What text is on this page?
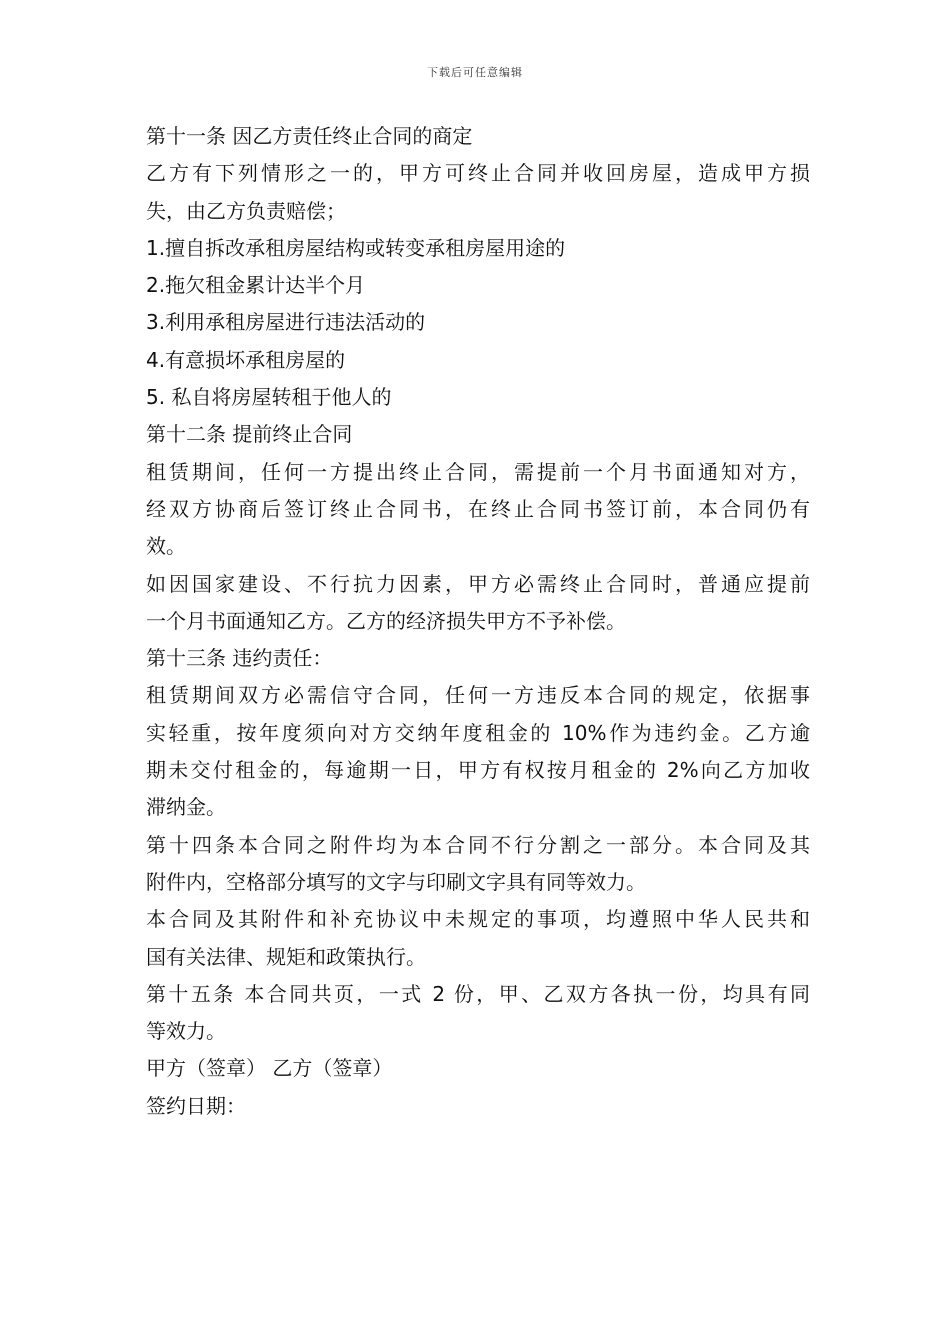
下载后可任意编辑
第十一条 因乙方责任终止合同的商定
乙方有下列情形之一的，甲方可终止合同并收回房屋，造成甲方损
失，由乙方负责赔偿；
1.擅自拆改承租房屋结构或转变承租房屋用途的
2.拖欠租金累计达半个月
3.利用承租房屋进行违法活动的
4.有意损坏承租房屋的
5. 私自将房屋转租于他人的
第十二条 提前终止合同
租赁期间，任何一方提出终止合同，需提前一个月书面通知对方，
经双方协商后签订终止合同书，在终止合同书签订前，本合同仍有
效。
如因国家建设、不行抗力因素，甲方必需终止合同时，普通应提前
一个月书面通知乙方。乙方的经济损失甲方不予补偿。
第十三条 违约责任：
租赁期间双方必需信守合同，任何一方违反本合同的规定，依据事
实轻重，按年度须向对方交纳年度租金的 10%作为违约金。乙方逾
期未交付租金的，每逾期一日，甲方有权按月租金的 2%向乙方加收
滞纳金。
第十四条本合同之附件均为本合同不行分割之一部分。本合同及其
附件内，空格部分填写的文字与印刷文字具有同等效力。
本合同及其附件和补充协议中未规定的事项，均遵照中华人民共和
国有关法律、规矩和政策执行。
第十五条 本合同共页，一式 2 份，甲、乙双方各执一份，均具有同
等效力。
甲方（签章） 乙方（签章）
签约日期：
